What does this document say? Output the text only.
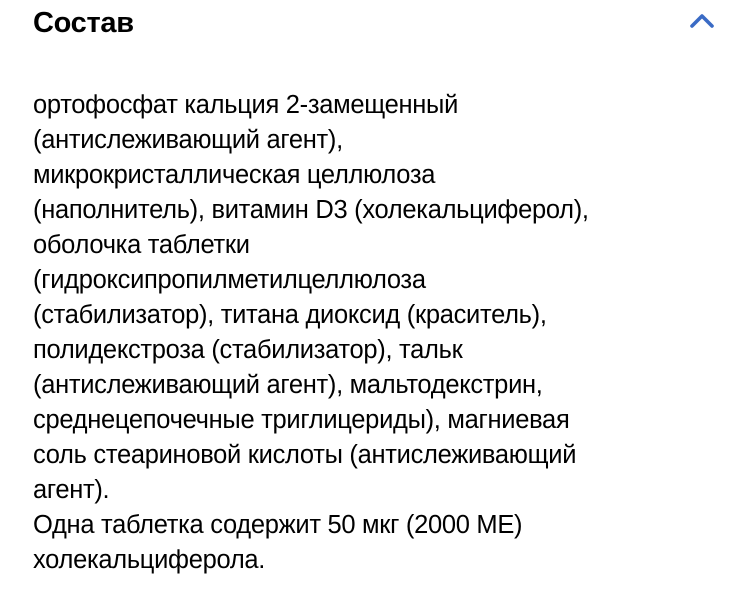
Состав
ортофосфат кальция 2-замещенный
(антислеживающий агент),
микрокристаллическая целлюлоза
(наполнитель), витамин D3 (холекальциферол),
оболочка таблетки
(гидроксипропилметилцеллюлоза
(стабилизатор), титана диоксид (краситель),
полидекстроза (стабилизатор), тальк
(антислеживающий агент), мальтодекстрин,
среднецепочечные триглицериды), магниевая
соль стеариновой кислоты (антислеживающий
агент).
Одна таблетка содержит 50 мкг (2000 МЕ)
холекальциферола.
